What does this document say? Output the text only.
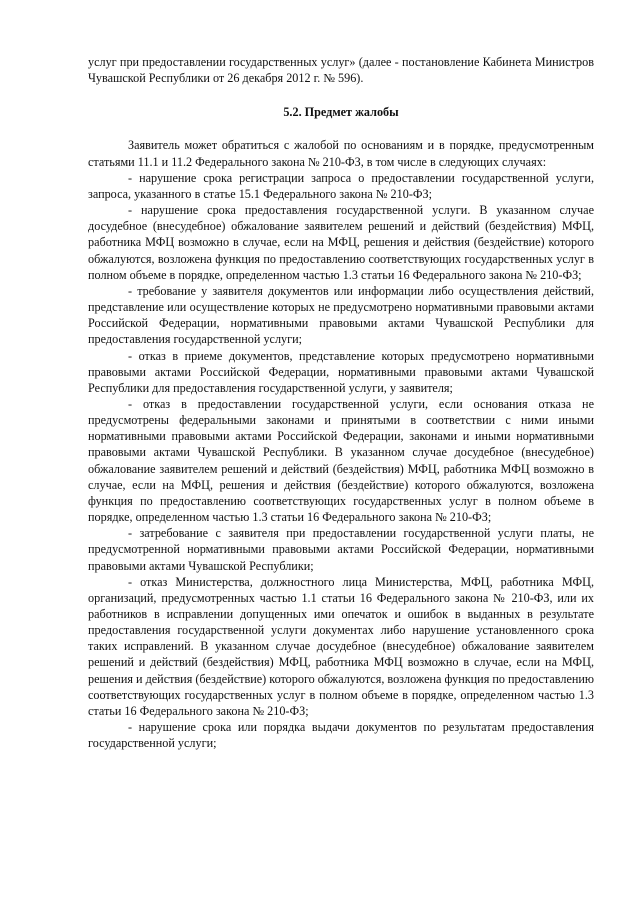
услуг при предоставлении государственных услуг» (далее - постановление Кабинета Министров Чувашской Республики от 26 декабря 2012 г. № 596).

5.2. Предмет жалобы

Заявитель может обратиться с жалобой по основаниям и в порядке, предусмотренным статьями 11.1 и 11.2 Федерального закона № 210-ФЗ, в том числе в следующих случаях:

- нарушение срока регистрации запроса о предоставлении государственной услуги, запроса, указанного в статье 15.1 Федерального закона № 210-ФЗ;

- нарушение срока предоставления государственной услуги. В указанном случае досудебное (внесудебное) обжалование заявителем решений и действий (бездействия) МФЦ, работника МФЦ возможно в случае, если на МФЦ, решения и действия (бездействие) которого обжалуются, возложена функция по предоставлению соответствующих государственных услуг в полном объеме в порядке, определенном частью 1.3 статьи 16 Федерального закона № 210-ФЗ;

- требование у заявителя документов или информации либо осуществления действий, представление или осуществление которых не предусмотрено нормативными правовыми актами Российской Федерации, нормативными правовыми актами Чувашской Республики для предоставления государственной услуги;

- отказ в приеме документов, представление которых предусмотрено нормативными правовыми актами Российской Федерации, нормативными правовыми актами Чувашской Республики для предоставления государственной услуги, у заявителя;

- отказ в предоставлении государственной услуги, если основания отказа не предусмотрены федеральными законами и принятыми в соответствии с ними иными нормативными правовыми актами Российской Федерации, законами и иными нормативными правовыми актами Чувашской Республики. В указанном случае досудебное (внесудебное) обжалование заявителем решений и действий (бездействия) МФЦ, работника МФЦ возможно в случае, если на МФЦ, решения и действия (бездействие) которого обжалуются, возложена функция по предоставлению соответствующих государственных услуг в полном объеме в порядке, определенном частью 1.3 статьи 16 Федерального закона № 210-ФЗ;

- затребование с заявителя при предоставлении государственной услуги платы, не предусмотренной нормативными правовыми актами Российской Федерации, нормативными правовыми актами Чувашской Республики;

- отказ Министерства, должностного лица Министерства, МФЦ, работника МФЦ, организаций, предусмотренных частью 1.1 статьи 16 Федерального закона № 210-ФЗ, или их работников в исправлении допущенных ими опечаток и ошибок в выданных в результате предоставления государственной услуги документах либо нарушение установленного срока таких исправлений. В указанном случае досудебное (внесудебное) обжалование заявителем решений и действий (бездействия) МФЦ, работника МФЦ возможно в случае, если на МФЦ, решения и действия (бездействие) которого обжалуются, возложена функция по предоставлению соответствующих государственных услуг в полном объеме в порядке, определенном частью 1.3 статьи 16 Федерального закона № 210-ФЗ;

- нарушение срока или порядка выдачи документов по результатам предоставления государственной услуги;
